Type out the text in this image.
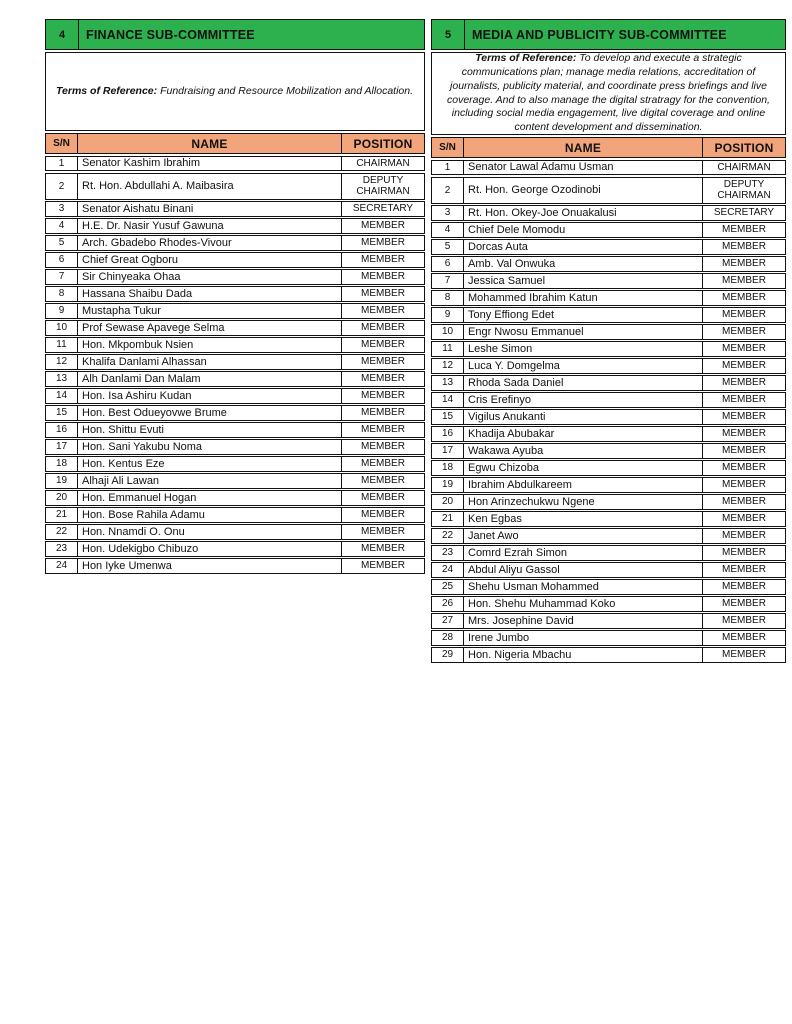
4	FINANCE SUB-COMMITTEE

Terms of Reference: Fundraising and Resource Mobilization and Allocation.

S/N	NAME	POSITION
1	Senator Kashim Ibrahim	CHAIRMAN
2	Rt. Hon. Abdullahi A. Maibasira	DEPUTY CHAIRMAN
3	Senator Aishatu Binani	SECRETARY
4	H.E. Dr. Nasir Yusuf Gawuna	MEMBER
5	Arch. Gbadebo Rhodes-Vivour	MEMBER
6	Chief Great Ogboru	MEMBER
7	Sir Chinyeaka Ohaa	MEMBER
8	Hassana Shaibu Dada	MEMBER
9	Mustapha Tukur	MEMBER
10	Prof Sewase Apavege Selma	MEMBER
11	Hon. Mkpombuk Nsien	MEMBER
12	Khalifa Danlami Alhassan	MEMBER
13	Alh Danlami Dan Malam	MEMBER
14	Hon. Isa Ashiru Kudan	MEMBER
15	Hon. Best Odueyovwe Brume	MEMBER
16	Hon. Shittu Evuti	MEMBER
17	Hon. Sani Yakubu Noma	MEMBER
18	Hon. Kentus Eze	MEMBER
19	Alhaji Ali Lawan	MEMBER
20	Hon. Emmanuel Hogan	MEMBER
21	Hon. Bose Rahila Adamu	MEMBER
22	Hon. Nnamdi O. Onu	MEMBER
23	Hon. Udekigbo Chibuzo	MEMBER
24	Hon Iyke Umenwa	MEMBER
5	MEDIA AND PUBLICITY SUB-COMMITTEE

Terms of Reference: To develop and execute a strategic communications plan; manage media relations, accreditation of journalists, publicity material, and coordinate press briefings and live coverage. And to also manage the digital stratragy for the convention, including social media engagement, live digital coverage and online content development and dissemination.

S/N	NAME	POSITION
1	Senator Lawal Adamu Usman	CHAIRMAN
2	Rt. Hon. George Ozodinobi	DEPUTY CHAIRMAN
3	Rt. Hon. Okey-Joe Onuakalusi	SECRETARY
4	Chief Dele Momodu	MEMBER
5	Dorcas Auta	MEMBER
6	Amb. Val Onwuka	MEMBER
7	Jessica Samuel	MEMBER
8	Mohammed Ibrahim Katun	MEMBER
9	Tony Effiong Edet	MEMBER
10	Engr Nwosu Emmanuel	MEMBER
11	Leshe Simon	MEMBER
12	Luca Y. Domgelma	MEMBER
13	Rhoda Sada Daniel	MEMBER
14	Cris Erefinyo	MEMBER
15	Vigilus Anukanti	MEMBER
16	Khadija Abubakar	MEMBER
17	Wakawa Ayuba	MEMBER
18	Egwu Chizoba	MEMBER
19	Ibrahim Abdulkareem	MEMBER
20	Hon Arinzechukwu Ngene	MEMBER
21	Ken Egbas	MEMBER
22	Janet Awo	MEMBER
23	Comrd Ezrah Simon	MEMBER
24	Abdul Aliyu Gassol	MEMBER
25	Shehu Usman Mohammed	MEMBER
26	Hon. Shehu Muhammad Koko	MEMBER
27	Mrs. Josephine David	MEMBER
28	Irene Jumbo	MEMBER
29	Hon. Nigeria Mbachu	MEMBER
